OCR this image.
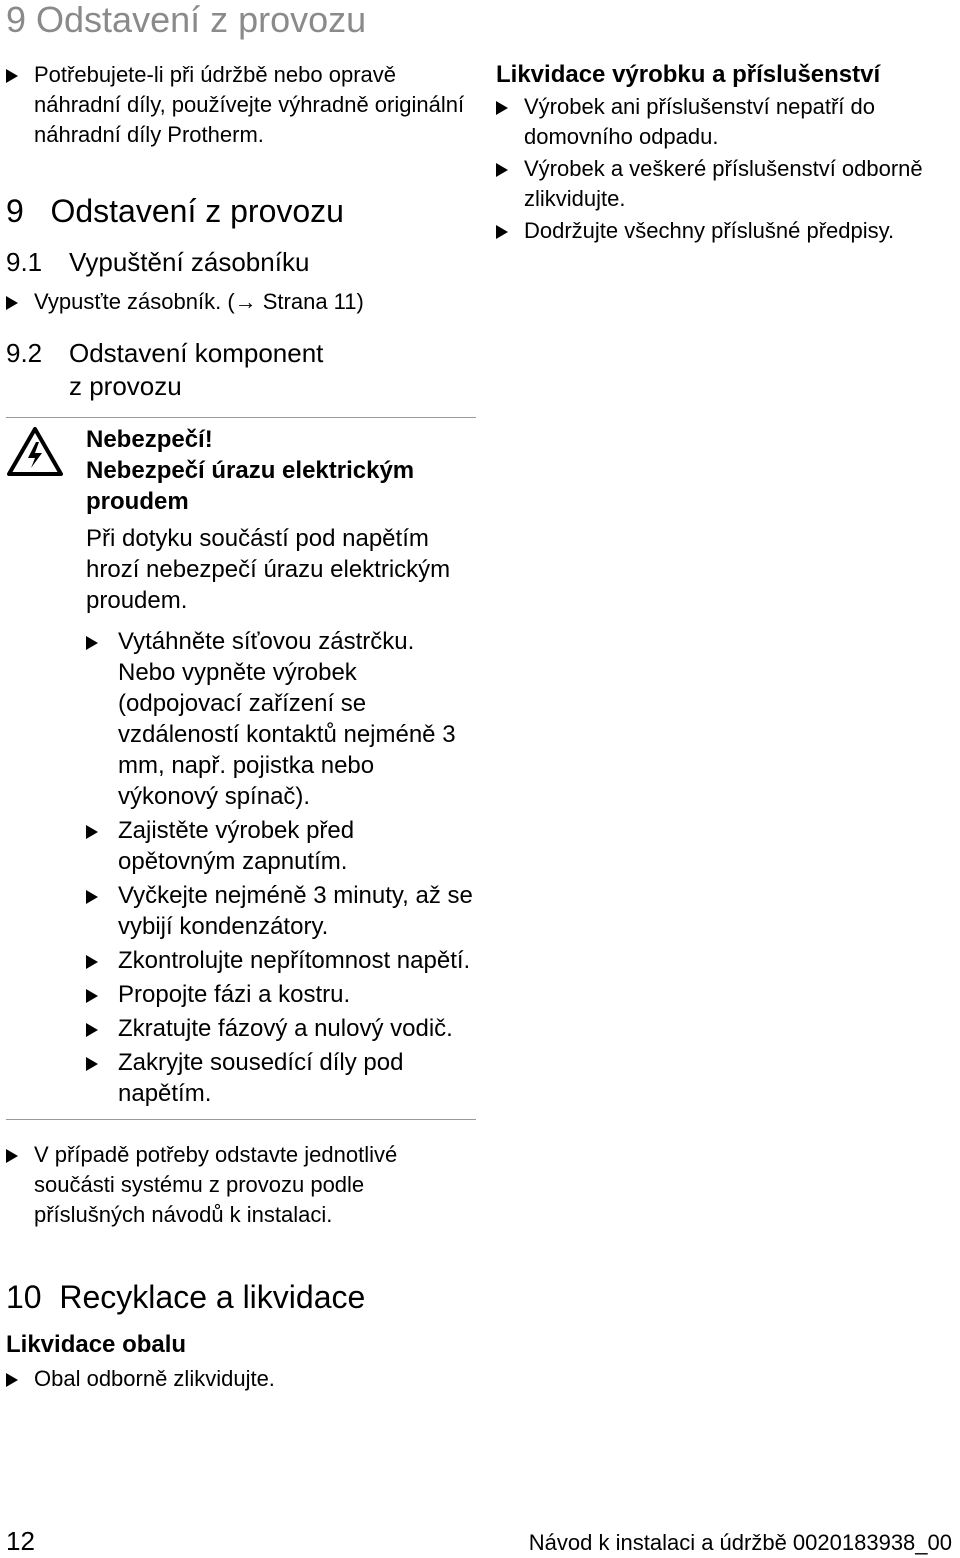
9 Odstavení z provozu
Potřebujete-li při údržbě nebo opravě náhradní díly, používejte výhradně originální náhradní díly Protherm.
9 Odstavení z provozu
9.1 Vypuštění zásobníku
Vypusťte zásobník. (→ Strana 11)
9.2 Odstavení komponent
z provozu
Nebezpečí!
Nebezpečí úrazu elektrickým proudem
Při dotyku součástí pod napětím hrozí nebezpečí úrazu elektrickým proudem.
Vytáhněte síťovou zástrčku. Nebo vypněte výrobek (odpojovací zařízení se vzdáleností kontaktů nejméně 3 mm, např. pojistka nebo výkonový spínač).
Zajistěte výrobek před opětovným zapnutím.
Vyčkejte nejméně 3 minuty, až se vybijí kondenzátory.
Zkontrolujte nepřítomnost napětí.
Propojte fázi a kostru.
Zkratujte fázový a nulový vodič.
Zakryjte sousedící díly pod napětím.
V případě potřeby odstavte jednotlivé součásti systému z provozu podle příslušných návodů k instalaci.
10 Recyklace a likvidace
Likvidace obalu
Obal odborně zlikvidujte.
Likvidace výrobku a příslušenství
Výrobek ani příslušenství nepatří do domovního odpadu.
Výrobek a veškeré příslušenství odborně zlikvidujte.
Dodržujte všechny příslušné předpisy.
12	Návod k instalaci a údržbě 0020183938_00
